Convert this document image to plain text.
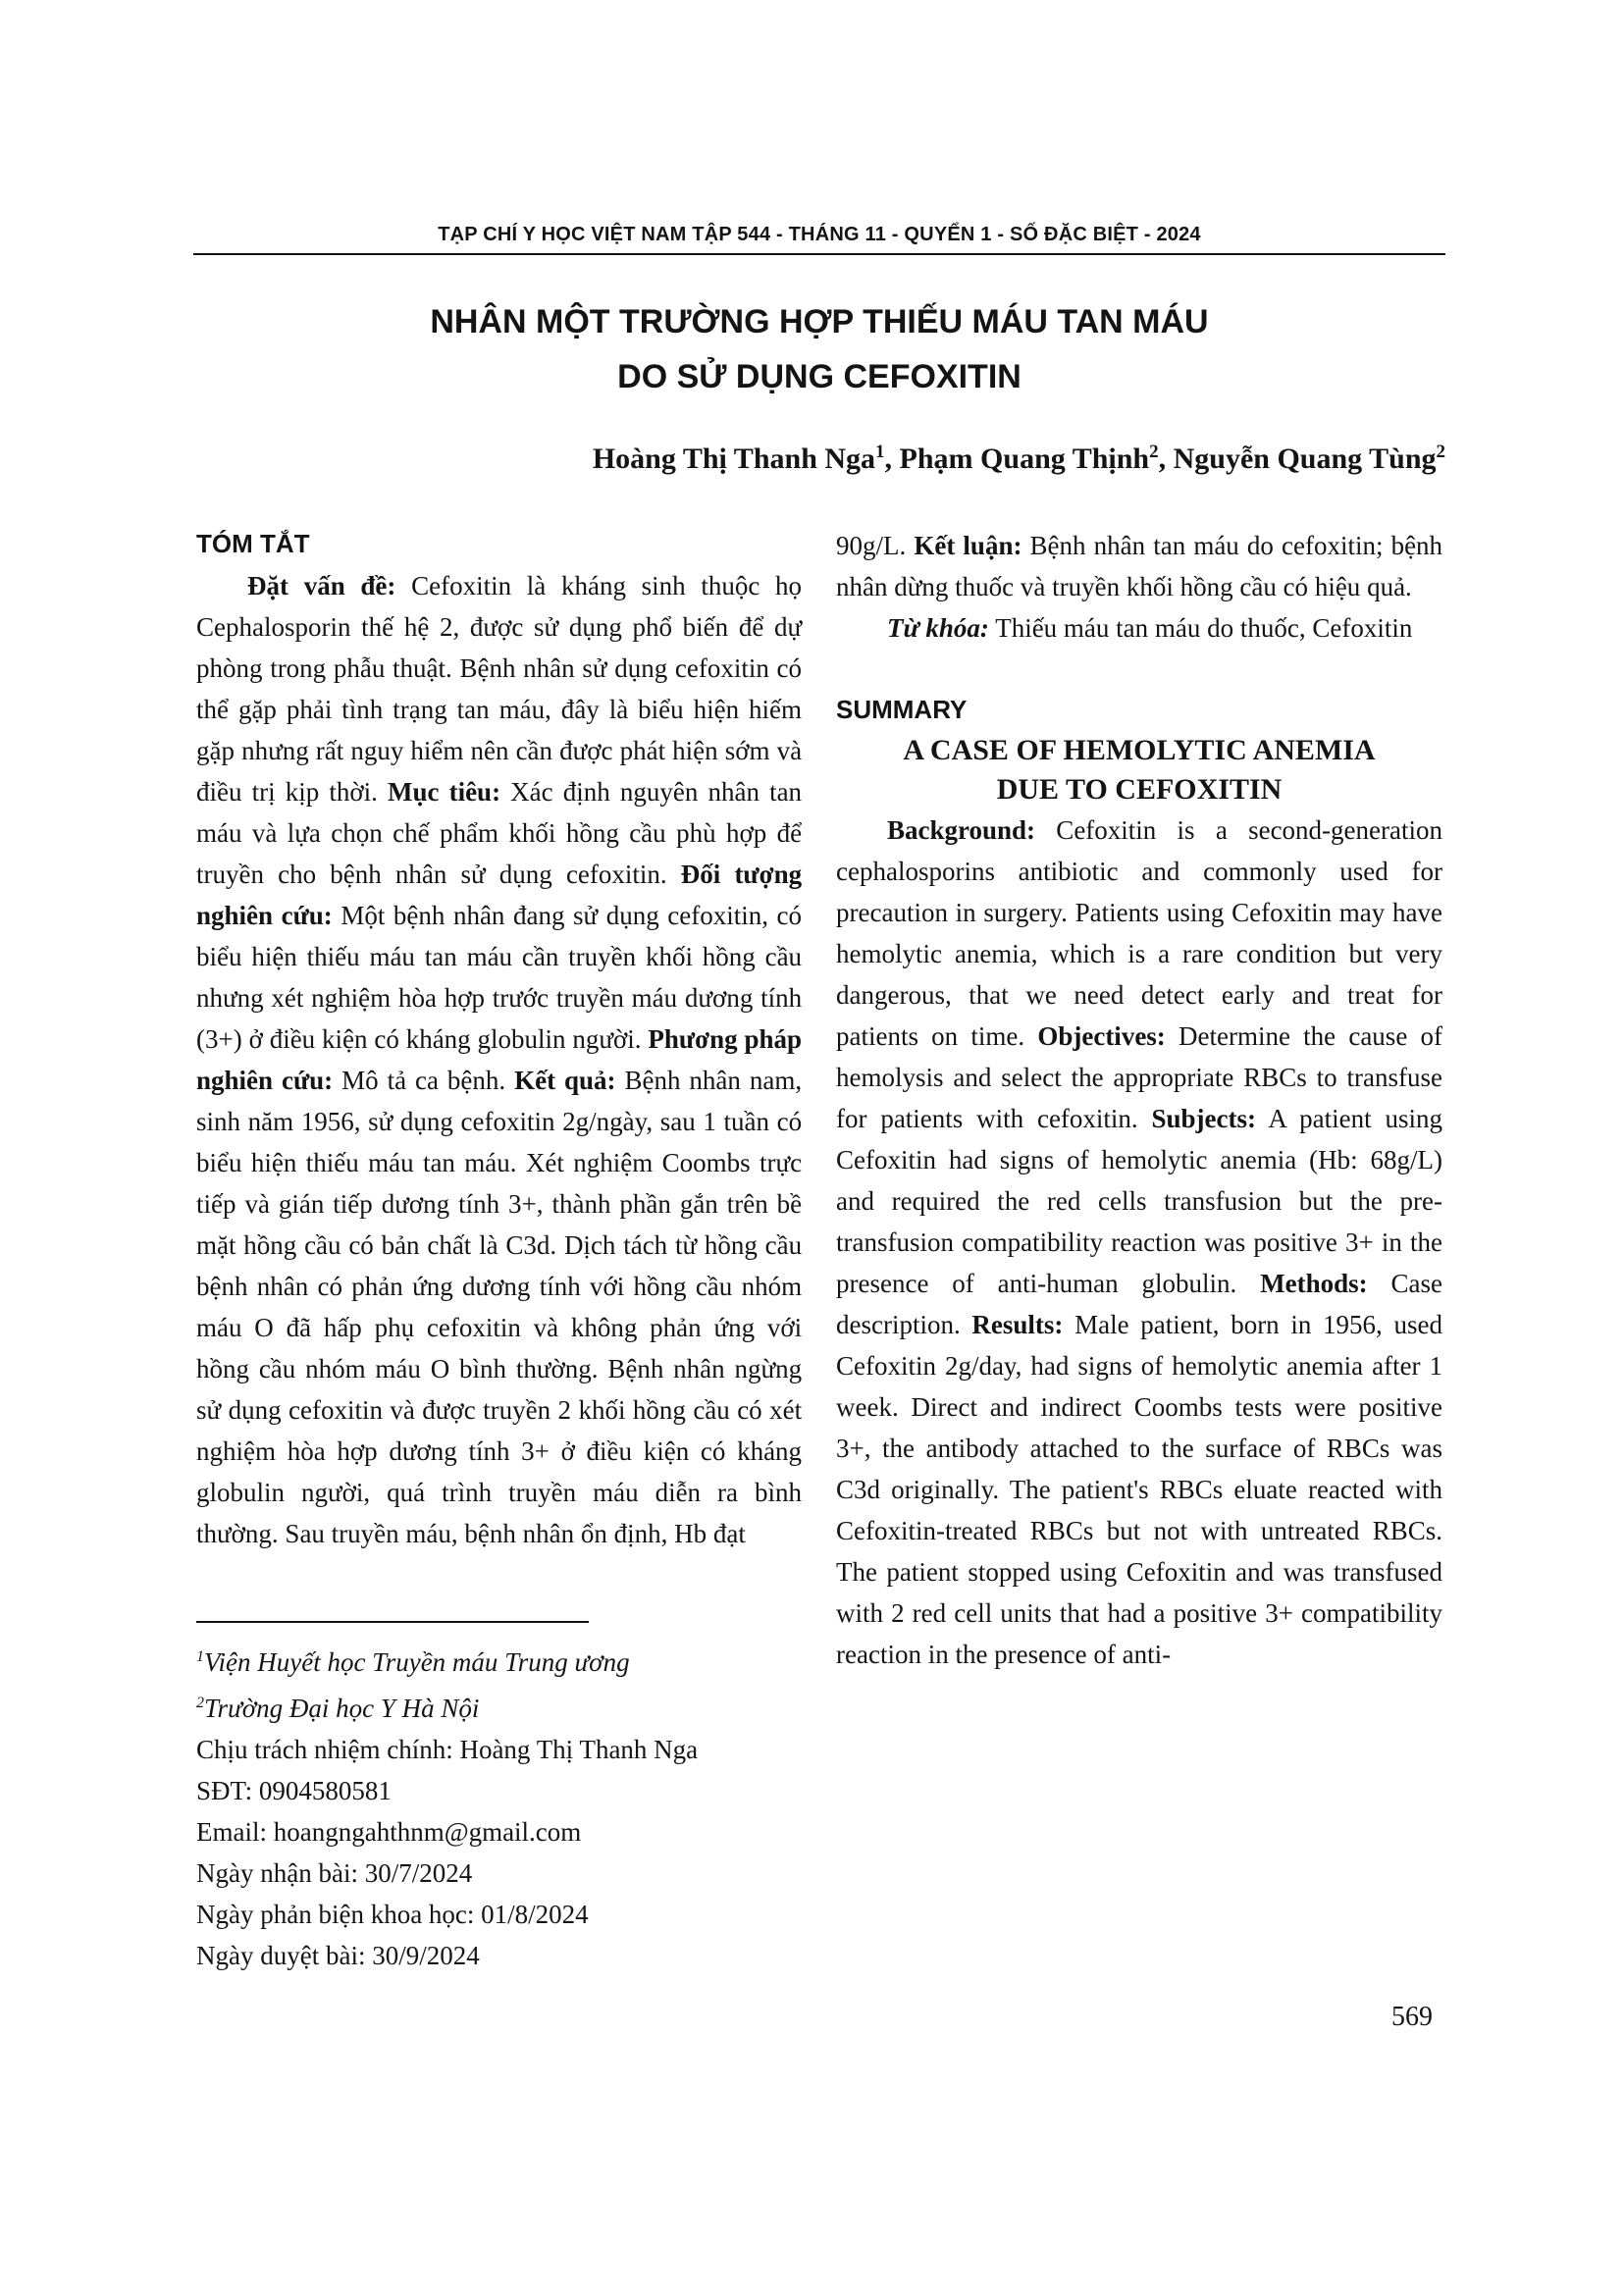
TẠP CHÍ Y HỌC VIỆT NAM TẬP 544 - THÁNG 11 - QUYỂN 1 - SỐ ĐẶC BIỆT - 2024
NHÂN MỘT TRƯỜNG HỢP THIẾU MÁU TAN MÁU
DO SỬ DỤNG CEFOXITIN
Hoàng Thị Thanh Nga$^1$, Phạm Quang Thịnh$^2$, Nguyễn Quang Tùng$^2$
TÓM TẮT

Đặt vấn đề: Cefoxitin là kháng sinh thuộc họ Cephalosporin thế hệ 2, được sử dụng phổ biến để dự phòng trong phẫu thuật. Bệnh nhân sử dụng cefoxitin có thể gặp phải tình trạng tan máu, đây là biểu hiện hiếm gặp nhưng rất nguy hiểm nên cần được phát hiện sớm và điều trị kịp thời. Mục tiêu: Xác định nguyên nhân tan máu và lựa chọn chế phẩm khối hồng cầu phù hợp để truyền cho bệnh nhân sử dụng cefoxitin. Đối tượng nghiên cứu: Một bệnh nhân đang sử dụng cefoxitin, có biểu hiện thiếu máu tan máu cần truyền khối hồng cầu nhưng xét nghiệm hòa hợp trước truyền máu dương tính (3+) ở điều kiện có kháng globulin người. Phương pháp nghiên cứu: Mô tả ca bệnh. Kết quả: Bệnh nhân nam, sinh năm 1956, sử dụng cefoxitin 2g/ngày, sau 1 tuần có biểu hiện thiếu máu tan máu. Xét nghiệm Coombs trực tiếp và gián tiếp dương tính 3+, thành phần gắn trên bề mặt hồng cầu có bản chất là C3d. Dịch tách từ hồng cầu bệnh nhân có phản ứng dương tính với hồng cầu nhóm máu O đã hấp phụ cefoxitin và không phản ứng với hồng cầu nhóm máu O bình thường. Bệnh nhân ngừng sử dụng cefoxitin và được truyền 2 khối hồng cầu có xét nghiệm hòa hợp dương tính 3+ ở điều kiện có kháng globulin người, quá trình truyền máu diễn ra bình thường. Sau truyền máu, bệnh nhân ổn định, Hb đạt

90g/L. Kết luận: Bệnh nhân tan máu do cefoxitin; bệnh nhân dừng thuốc và truyền khối hồng cầu có hiệu quả.

Từ khóa: Thiếu máu tan máu do thuốc, Cefoxitin

SUMMARY
A CASE OF HEMOLYTIC ANEMIA
DUE TO CEFOXITIN

Background: Cefoxitin is a second-generation cephalosporins antibiotic and commonly used for precaution in surgery. Patients using Cefoxitin may have hemolytic anemia, which is a rare condition but very dangerous, that we need detect early and treat for patients on time. Objectives: Determine the cause of hemolysis and select the appropriate RBCs to transfuse for patients with cefoxitin. Subjects: A patient using Cefoxitin had signs of hemolytic anemia (Hb: 68g/L) and required the red cells transfusion but the pre-transfusion compatibility reaction was positive 3+ in the presence of anti-human globulin. Methods: Case description. Results: Male patient, born in 1956, used Cefoxitin 2g/day, had signs of hemolytic anemia after 1 week. Direct and indirect Coombs tests were positive 3+, the antibody attached to the surface of RBCs was C3d originally. The patient's RBCs eluate reacted with Cefoxitin-treated RBCs but not with untreated RBCs. The patient stopped using Cefoxitin and was transfused with 2 red cell units that had a positive 3+ compatibility reaction in the presence of anti-

$^1$Viện Huyết học Truyền máu Trung ương
$^2$Trường Đại học Y Hà Nội
Chịu trách nhiệm chính: Hoàng Thị Thanh Nga
SĐT: 0904580581
Email: hoangngahthnm@gmail.com
Ngày nhận bài: 30/7/2024
Ngày phản biện khoa học: 01/8/2024
Ngày duyệt bài: 30/9/2024
569
